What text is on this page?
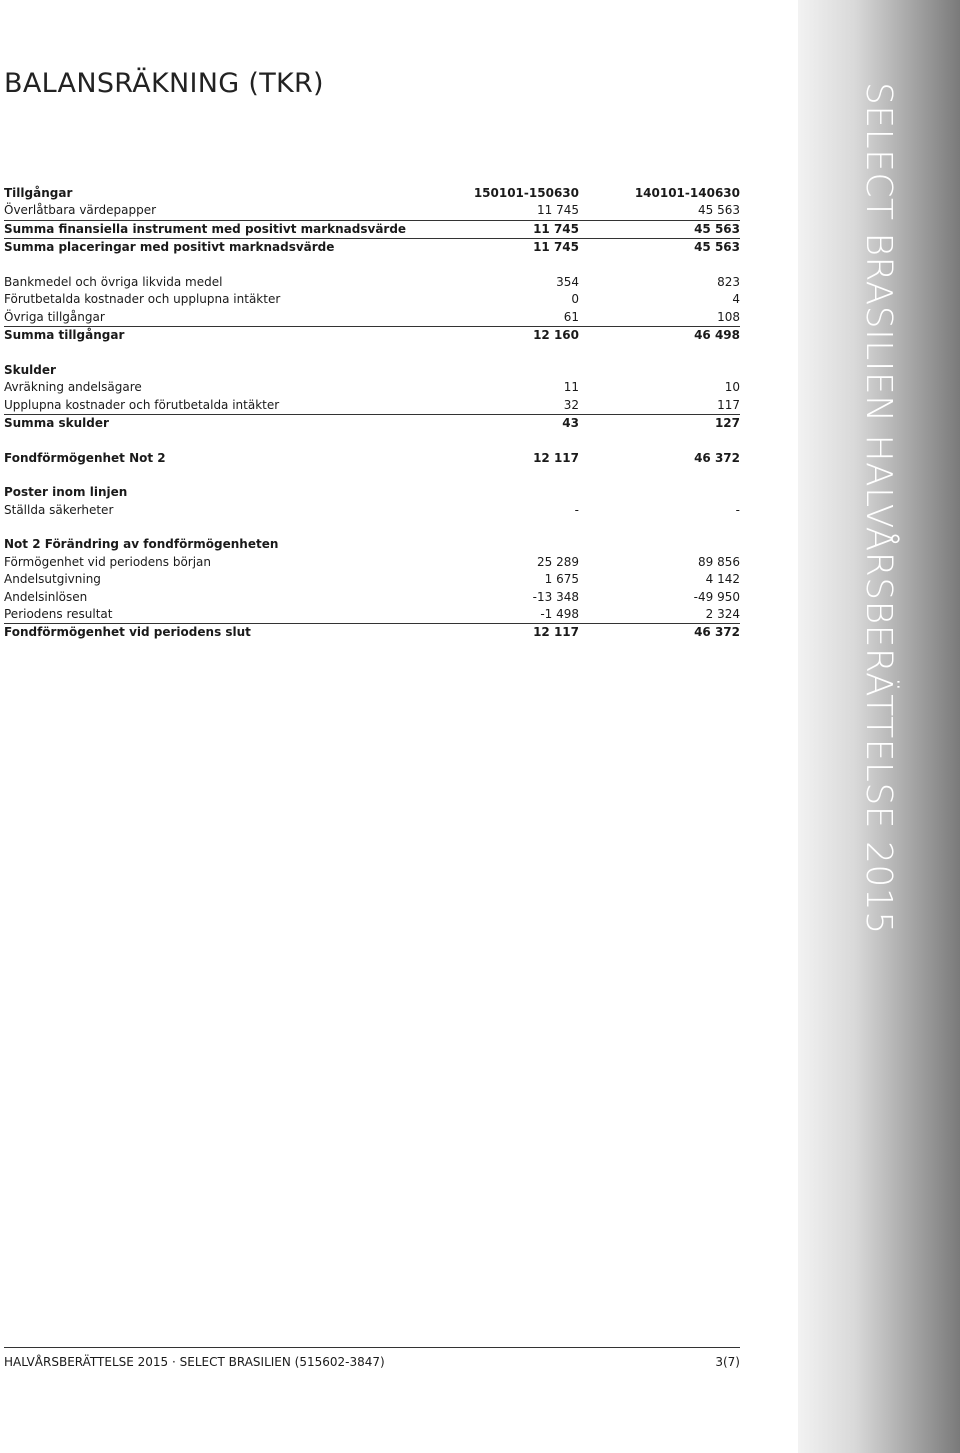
SELECT BRASILIEN HALVÅRSBERÄTTELSE 2015
BALANSRÄKNING (TKR)
Tillgångar	150101-150630	140101-140630
Överlåtbara värdepapper	11 745	45 563
Summa finansiella instrument med positivt marknadsvärde	11 745	45 563
Summa placeringar med positivt marknadsvärde	11 745	45 563
Bankmedel och övriga likvida medel	354	823
Förutbetalda kostnader och upplupna intäkter	0	4
Övriga tillgångar	61	108
Summa tillgångar	12 160	46 498
Skulder
Avräkning andelsägare	11	10
Upplupna kostnader och förutbetalda intäkter	32	117
Summa skulder	43	127
Fondförmögenhet Not 2	12 117	46 372
Poster inom linjen
Ställda säkerheter	-	-
Not 2 Förändring av fondförmögenheten
Förmögenhet vid periodens början	25 289	89 856
Andelsutgivning	1 675	4 142
Andelsinlösen	-13 348	-49 950
Periodens resultat	-1 498	2 324
Fondförmögenhet vid periodens slut	12 117	46 372
HALVÅRSBERÄTTELSE 2015 · SELECT BRASILIEN (515602-3847)	3(7)
